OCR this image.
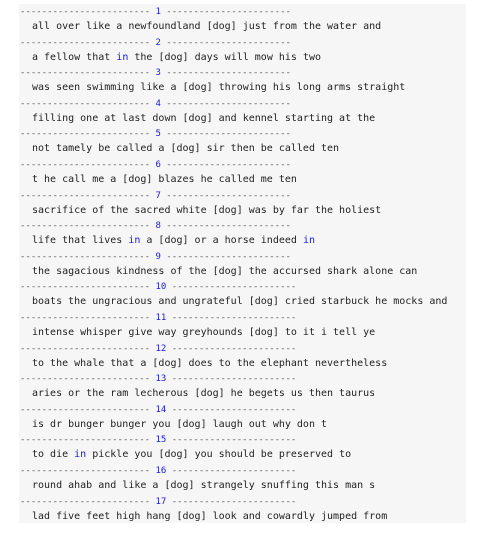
------------------------ 1 -----------------------
all over like a newfoundland [dog] just from the water and
------------------------ 2 -----------------------
a fellow that in the [dog] days will mow his two
------------------------ 3 -----------------------
was seen swimming like a [dog] throwing his long arms straight
------------------------ 4 -----------------------
filling one at last down [dog] and kennel starting at the
------------------------ 5 -----------------------
not tamely be called a [dog] sir then be called ten
------------------------ 6 -----------------------
t he call me a [dog] blazes he called me ten
------------------------ 7 -----------------------
sacrifice of the sacred white [dog] was by far the holiest
------------------------ 8 -----------------------
life that lives in a [dog] or a horse indeed in
------------------------ 9 -----------------------
the sagacious kindness of the [dog] the accursed shark alone can
------------------------ 10 -----------------------
boats the ungracious and ungrateful [dog] cried starbuck he mocks and
------------------------ 11 -----------------------
intense whisper give way greyhounds [dog] to it i tell ye
------------------------ 12 -----------------------
to the whale that a [dog] does to the elephant nevertheless
------------------------ 13 -----------------------
aries or the ram lecherous [dog] he begets us then taurus
------------------------ 14 -----------------------
is dr bunger bunger you [dog] laugh out why don t
------------------------ 15 -----------------------
to die in pickle you [dog] you should be preserved to
------------------------ 16 -----------------------
round ahab and like a [dog] strangely snuffing this man s
------------------------ 17 -----------------------
lad five feet high hang [dog] look and cowardly jumped from
